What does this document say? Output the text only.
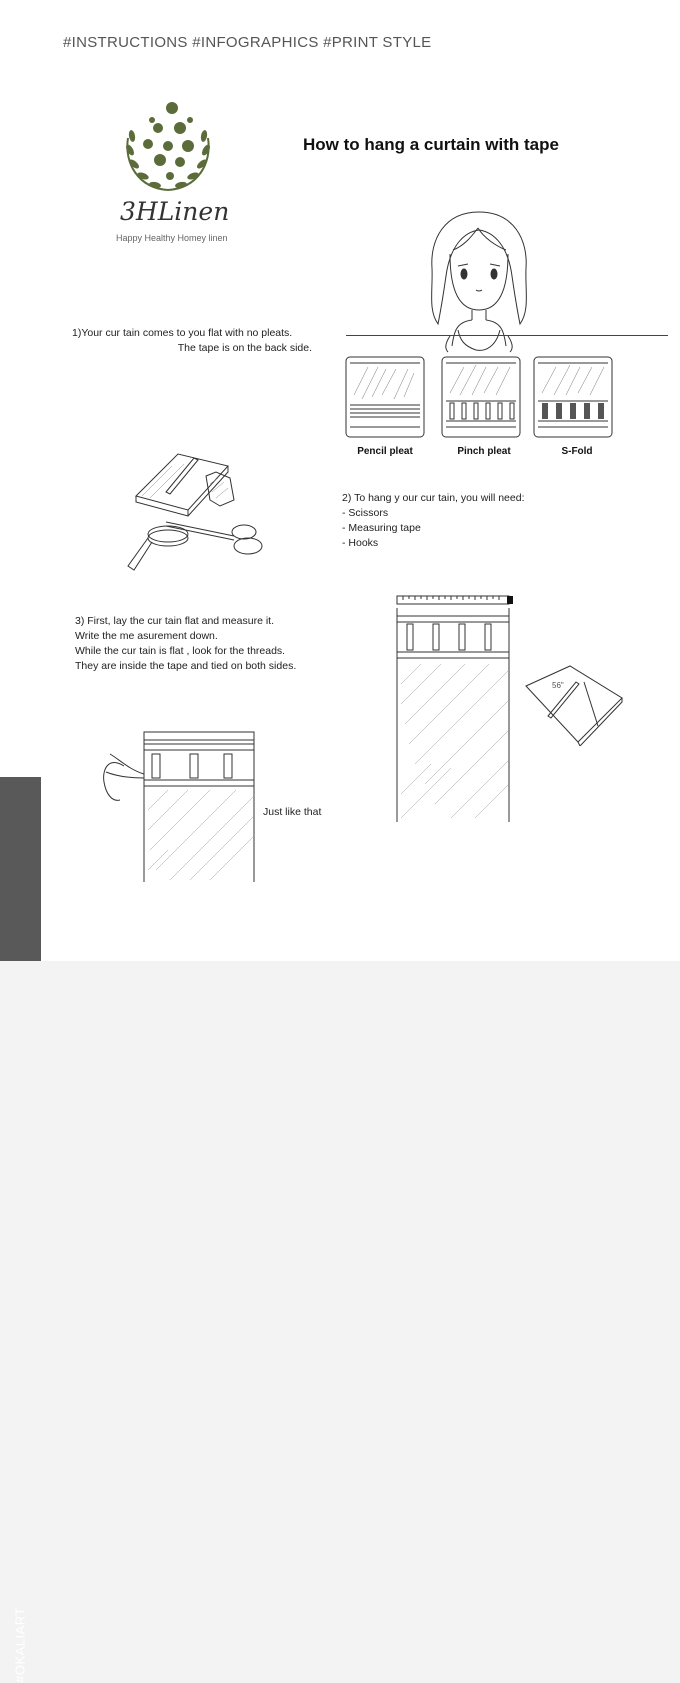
#INSTRUCTIONS #INFOGRAPHICS #PRINT STYLE
3HLinen
Happy Healthy Homey linen
How to hang a curtain with tape
Pencil pleat	Pinch pleat	S-Fold
1)Your cur tain comes to you flat with no pleats.
The tape is on the back side.
2) To hang y our cur tain, you will need:
- Scissors
- Measuring tape
- Hooks
3) First, lay the cur tain flat and measure it.
Write the me asurement down.
While the cur tain is flat , look for the threads.
They are inside the tape and tied on both sides.
56"
Just like that
#OKALIART
